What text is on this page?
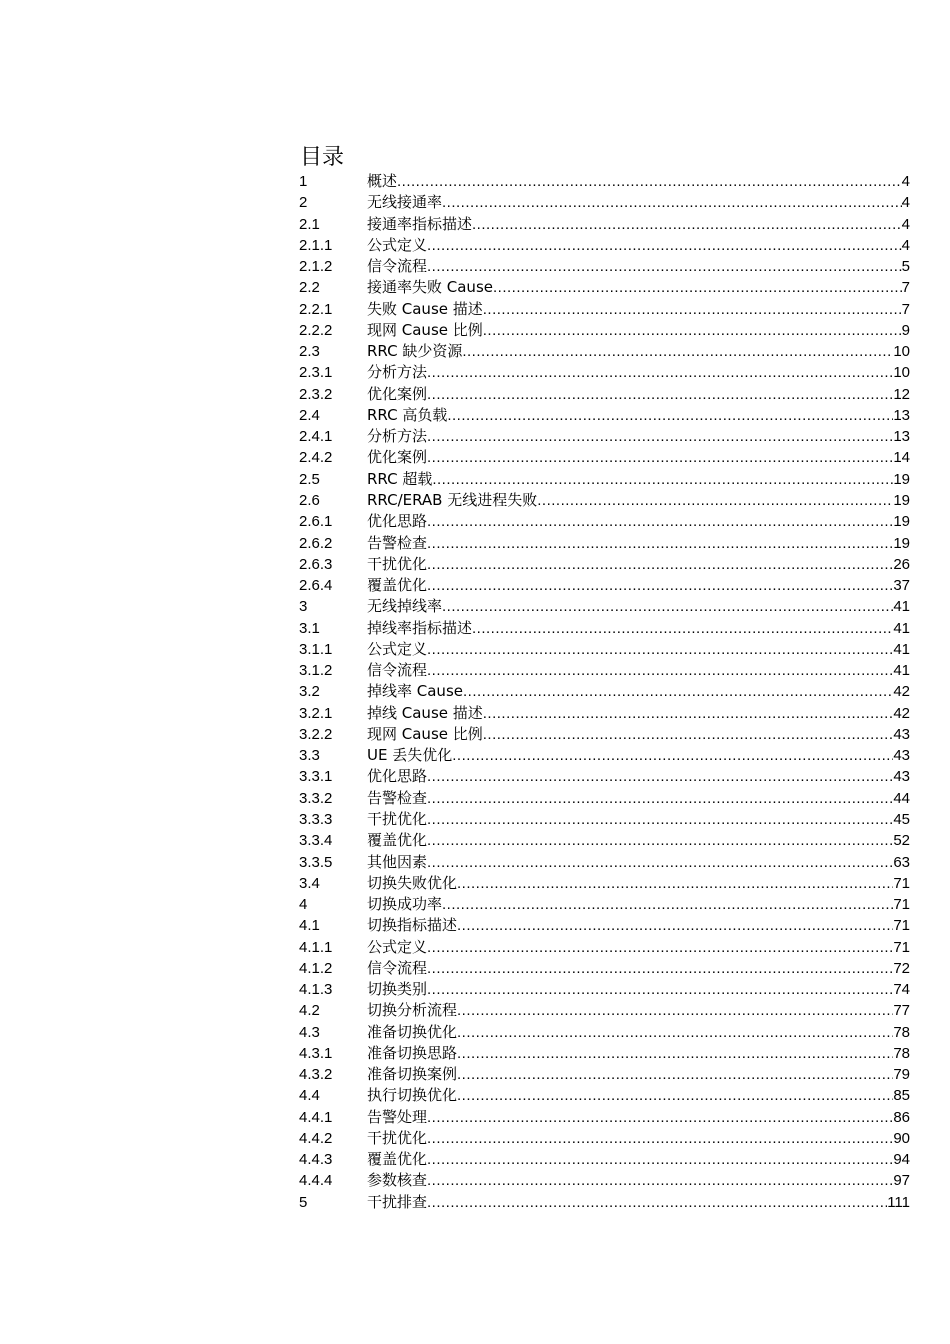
目录
1	概述 .....	4
2	无线接通率 .....	4
2.1	接通率指标描述 .....	4
2.1.1	公式定义 .....	4
2.1.2	信令流程 .....	5
2.2	接通率失败 Cause .....	7
2.2.1	失败 Cause 描述 .....	7
2.2.2	现网 Cause 比例 .....	9
2.3	RRC 缺少资源 .....	10
2.3.1	分析方法 .....	10
2.3.2	优化案例 .....	12
2.4	RRC 高负载 .....	13
2.4.1	分析方法 .....	13
2.4.2	优化案例 .....	14
2.5	RRC 超载 .....	19
2.6	RRC/ERAB 无线进程失败 .....	19
2.6.1	优化思路 .....	19
2.6.2	告警检查 .....	19
2.6.3	干扰优化 .....	26
2.6.4	覆盖优化 .....	37
3	无线掉线率 .....	41
3.1	掉线率指标描述 .....	41
3.1.1	公式定义 .....	41
3.1.2	信令流程 .....	41
3.2	掉线率 Cause .....	42
3.2.1	掉线 Cause 描述 .....	42
3.2.2	现网 Cause 比例 .....	43
3.3	UE 丢失优化 .....	43
3.3.1	优化思路 .....	43
3.3.2	告警检查 .....	44
3.3.3	干扰优化 .....	45
3.3.4	覆盖优化 .....	52
3.3.5	其他因素 .....	63
3.4	切换失败优化 .....	71
4	切换成功率 .....	71
4.1	切换指标描述 .....	71
4.1.1	公式定义 .....	71
4.1.2	信令流程 .....	72
4.1.3	切换类别 .....	74
4.2	切换分析流程 .....	77
4.3	准备切换优化 .....	78
4.3.1	准备切换思路 .....	78
4.3.2	准备切换案例 .....	79
4.4	执行切换优化 .....	85
4.4.1	告警处理 .....	86
4.4.2	干扰优化 .....	90
4.4.3	覆盖优化 .....	94
4.4.4	参数核查 .....	97
5	干扰排查 .....	111
